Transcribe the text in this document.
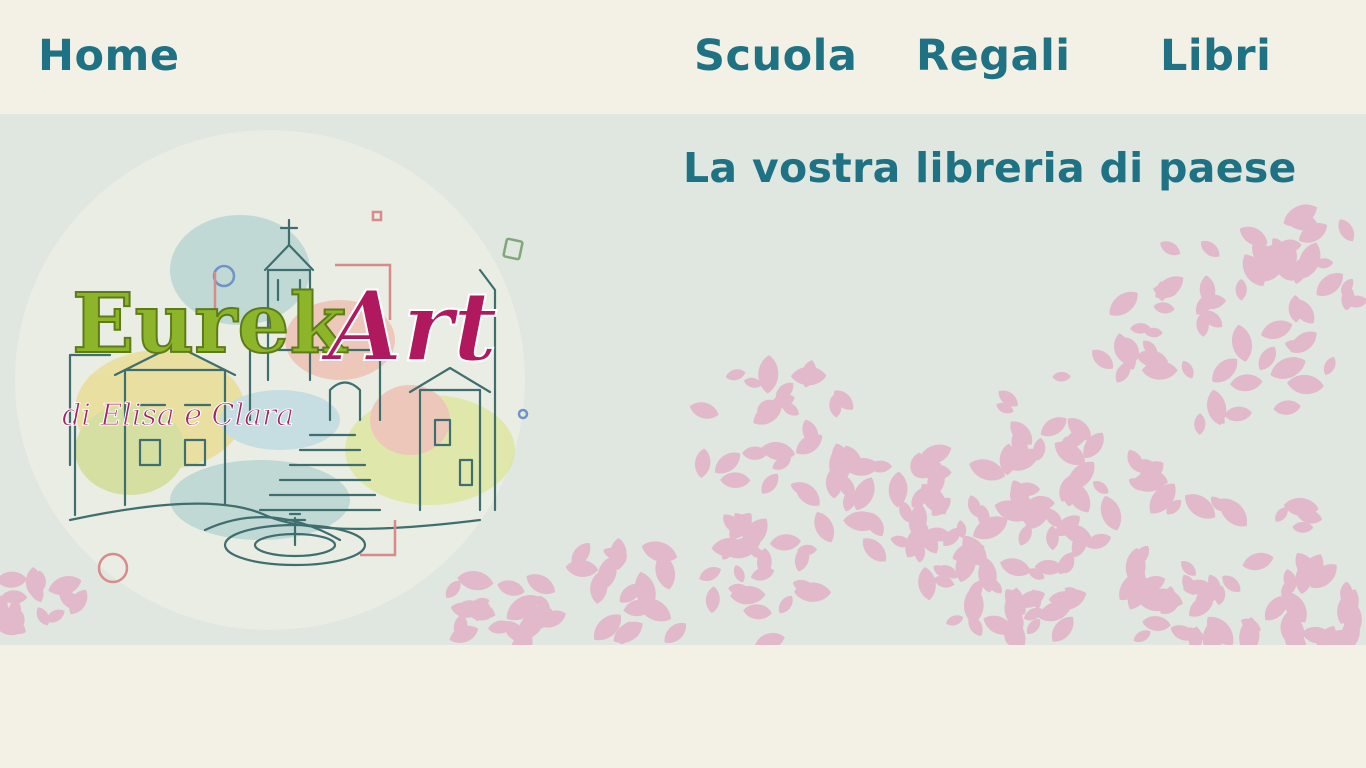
Home	Scuola Regali Libri
La vostra libreria di paese
Eurek
Art
di Elisa e Clara
